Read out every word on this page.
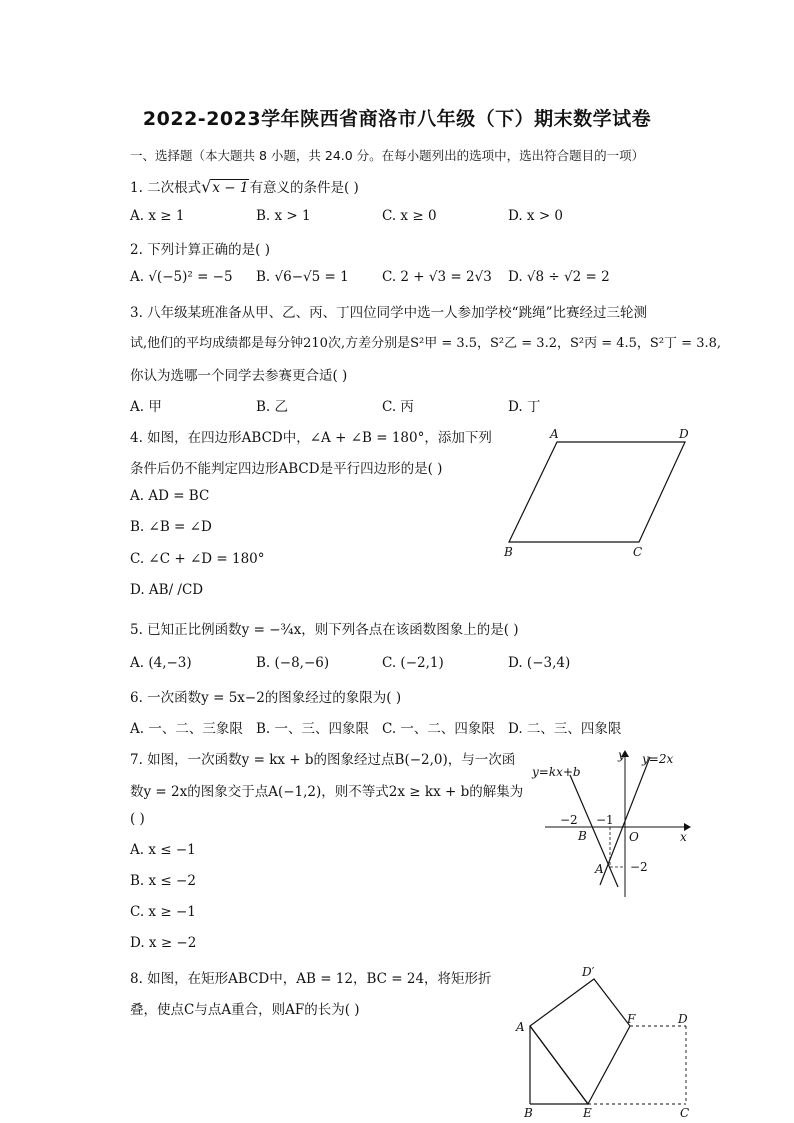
2022-2023学年陕西省商洛市八年级（下）期末数学试卷
一、选择题（本大题共 8 小题，共 24.0 分。在每小题列出的选项中，选出符合题目的一项）
1. 二次根式√x − 1有意义的条件是( )
A. x ≥ 1	B. x > 1	C. x ≥ 0	D. x > 0
2. 下列计算正确的是( )
A. √(−5)² = −5 B. √6−√5 = 1 C. 2 + √3 = 2√3 D. √8 ÷ √2 = 2
3. 八年级某班准备从甲、乙、丙、丁四位同学中选一人参加学校“跳绳”比赛经过三轮测
试,他们的平均成绩都是每分钟210次,方差分别是S²甲 = 3.5，S²乙 = 3.2，S²丙 = 4.5，S²丁 = 3.8,
你认为选哪一个同学去参赛更合适( )
A. 甲	B. 乙	C. 丙	D. 丁
4. 如图，在四边形ABCD中，∠A + ∠B = 180°，添加下列
条件后仍不能判定四边形ABCD是平行四边形的是( )
A. AD = BC
B. ∠B = ∠D
C. ∠C + ∠D = 180°
D. AB/ /CD
A	D
B	C
5. 已知正比例函数y = −¾x，则下列各点在该函数图象上的是( )
A. (4,−3)	B. (−8,−6)	C. (−2,1)	D. (−3,4)
6. 一次函数y = 5x−2的图象经过的象限为( )
A. 一、二、三象限 B. 一、三、四象限 C. 一、二、四象限 D. 二、三、四象限
7. 如图，一次函数y = kx + b的图象经过点B(−2,0)，与一次函
数y = 2x的图象交于点A(−1,2)，则不等式2x ≥ kx + b的解集为
( )
A. x ≤ −1
B. x ≤ −2
C. x ≥ −1
D. x ≥ −2
y=kx+b
y=2x
y
x
O
−2 −1
B
A −2
8. 如图，在矩形ABCD中，AB = 12，BC = 24，将矩形折
叠，使点C与点A重合，则AF的长为( )
D′
A
F	D
B	E	C
